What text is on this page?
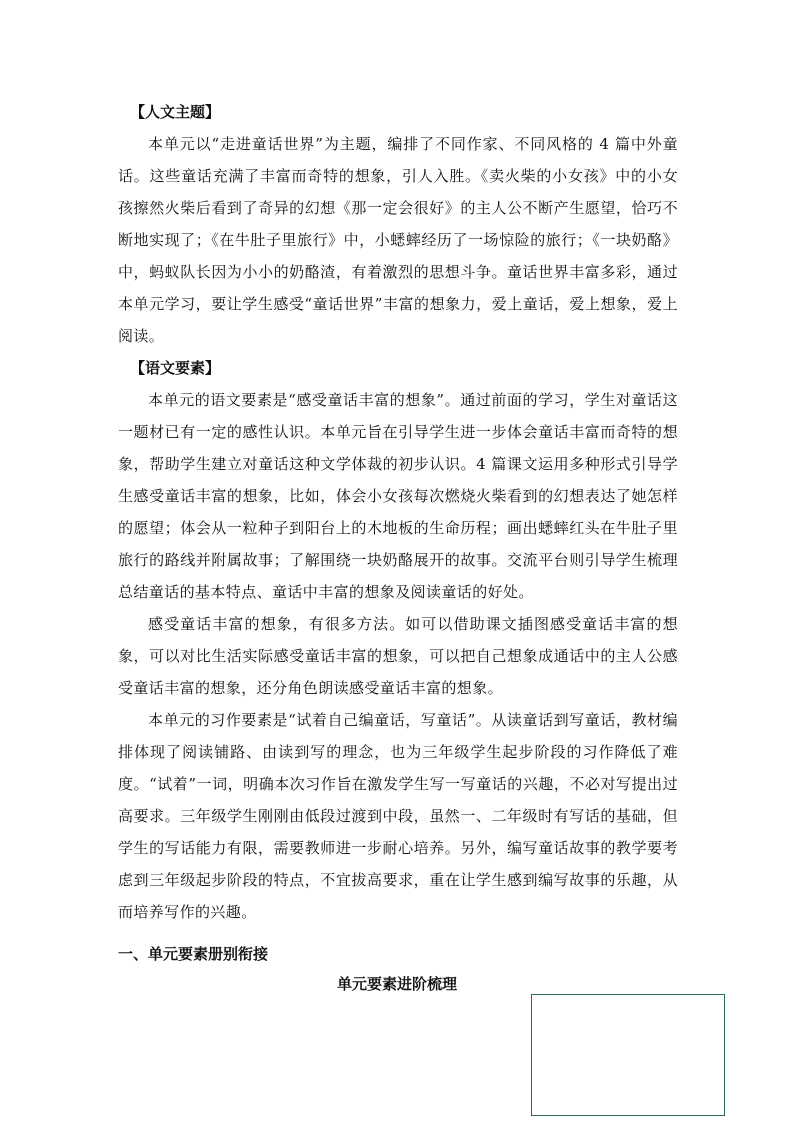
【人文主题】

本单元以“走进童话世界”为主题，编排了不同作家、不同风格的 4 篇中外童话。这些童话充满了丰富而奇特的想象，引人入胜。《卖火柴的小女孩》中的小女孩擦然火柴后看到了奇异的幻想《那一定会很好》的主人公不断产生愿望，恰巧不断地实现了；《在牛肚子里旅行》中，小蟋蟀经历了一场惊险的旅行；《一块奶酪》中，蚂蚁队长因为小小的奶酪渣，有着激烈的思想斗争。童话世界丰富多彩，通过本单元学习，要让学生感受“童话世界”丰富的想象力，爱上童话，爱上想象，爱上阅读。

【语文要素】

本单元的语文要素是“感受童话丰富的想象”。通过前面的学习，学生对童话这一题材已有一定的感性认识。本单元旨在引导学生进一步体会童话丰富而奇特的想象，帮助学生建立对童话这种文学体裁的初步认识。4 篇课文运用多种形式引导学生感受童话丰富的想象，比如，体会小女孩每次燃烧火柴看到的幻想表达了她怎样的愿望；体会从一粒种子到阳台上的木地板的生命历程；画出蟋蟀红头在牛肚子里旅行的路线并附属故事；了解围绕一块奶酪展开的故事。交流平台则引导学生梳理总结童话的基本特点、童话中丰富的想象及阅读童话的好处。

感受童话丰富的想象，有很多方法。如可以借助课文插图感受童话丰富的想象，可以对比生活实际感受童话丰富的想象，可以把自己想象成通话中的主人公感受童话丰富的想象，还分角色朗读感受童话丰富的想象。

本单元的习作要素是“试着自己编童话，写童话”。从读童话到写童话，教材编排体现了阅读铺路、由读到写的理念，也为三年级学生起步阶段的习作降低了难度。“试着”一词，明确本次习作旨在激发学生写一写童话的兴趣，不必对写提出过高要求。三年级学生刚刚由低段过渡到中段，虽然一、二年级时有写话的基础，但学生的写话能力有限，需要教师进一步耐心培养。另外，编写童话故事的教学要考虑到三年级起步阶段的特点，不宜拔高要求，重在让学生感到编写故事的乐趣，从而培养写作的兴趣。

一、单元要素册别衔接
单元要素进阶梳理
